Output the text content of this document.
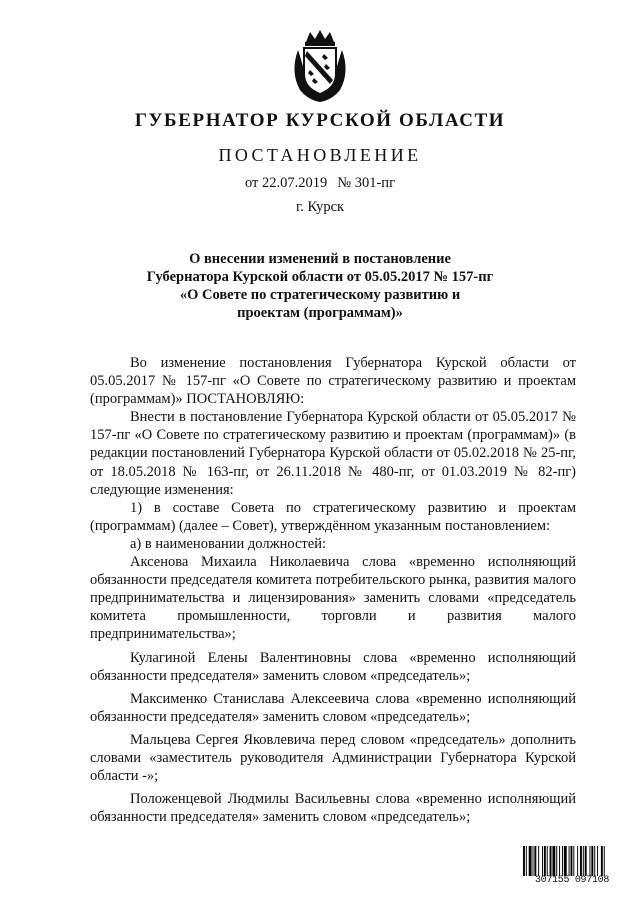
ГУБЕРНАТОР КУРСКОЙ ОБЛАСТИ
ПОСТАНОВЛЕНИЕ
от 22.07.2019 № 301-пг
г. Курск
О внесении изменений в постановление
Губернатора Курской области от 05.05.2017 № 157-пг
«О Совете по стратегическому развитию и
проектам (программам)»

Во изменение постановления Губернатора Курской области от 05.05.2017 № 157-пг «О Совете по стратегическому развитию и проектам (программам)» ПОСТАНОВЛЯЮ:

Внести в постановление Губернатора Курской области от 05.05.2017 № 157-пг «О Совете по стратегическому развитию и проектам (программам)» (в редакции постановлений Губернатора Курской области от 05.02.2018 № 25-пг, от 18.05.2018 № 163-пг, от 26.11.2018 № 480-пг, от 01.03.2019 № 82-пг) следующие изменения:

1) в составе Совета по стратегическому развитию и проектам (программам) (далее – Совет), утверждённом указанным постановлением:

а) в наименовании должностей:

Аксенова Михаила Николаевича слова «временно исполняющий обязанности председателя комитета потребительского рынка, развития малого предпринимательства и лицензирования» заменить словами «председатель комитета промышленности, торговли и развития малого предпринимательства»;

Кулагиной Елены Валентиновны слова «временно исполняющий обязанности председателя» заменить словом «председатель»;

Максименко Станислава Алексеевича слова «временно исполняющий обязанности председателя» заменить словом «председатель»;

Мальцева Сергея Яковлевича перед словом «председатель» дополнить словами «заместитель руководителя Администрации Губернатора Курской области -»;

Положенцевой Людмилы Васильевны слова «временно исполняющий обязанности председателя» заменить словом «председатель»;

307155 097108
